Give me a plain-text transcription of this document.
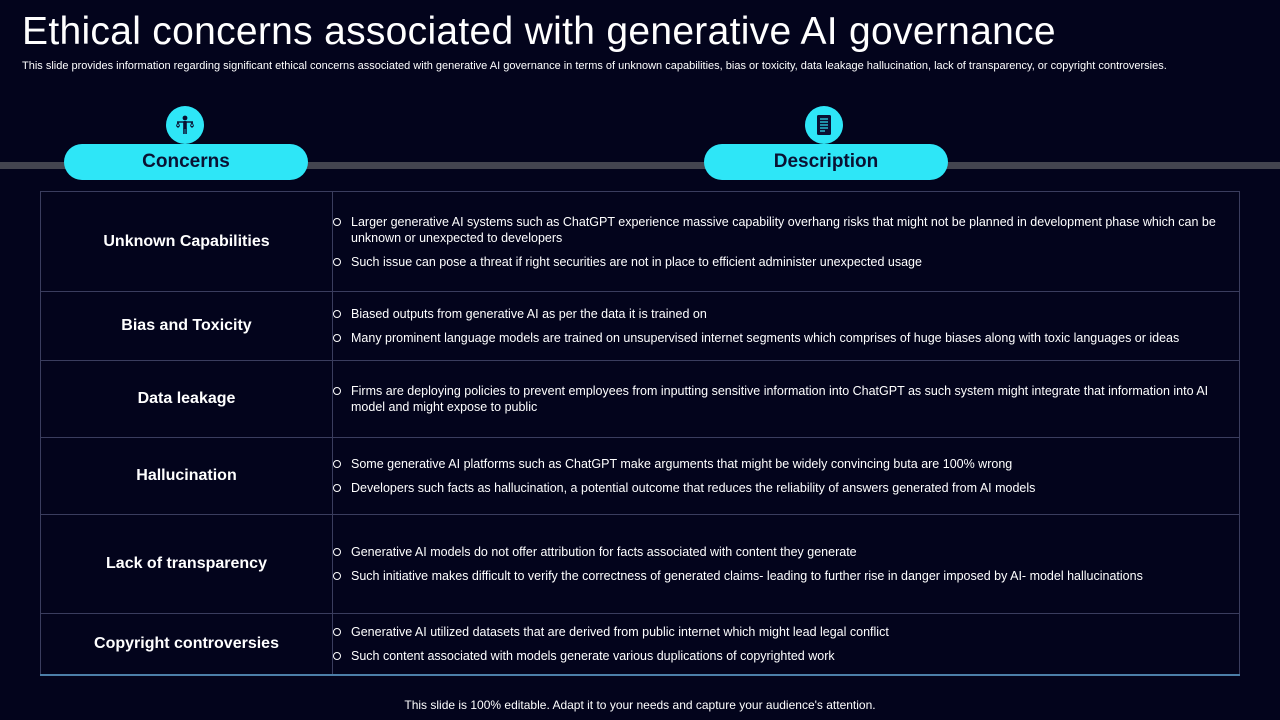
Ethical concerns associated with generative AI governance
This slide provides information regarding significant ethical concerns associated with generative AI governance in terms of unknown capabilities, bias or toxicity, data leakage hallucination, lack of transparency, or copyright controversies.
Concerns	Description
Unknown Capabilities	Larger generative AI systems such as ChatGPT experience massive capability overhang risks that might not be planned in development phase which can be unknown or unexpected to developers
Such issue can pose a threat if right securities are not in place to efficient administer unexpected usage

Bias and Toxicity	Biased outputs from generative AI as per the data it is trained on
Many prominent language models are trained on unsupervised internet segments which comprises of huge biases along with toxic languages or ideas

Data leakage	Firms are deploying policies to prevent employees from inputting sensitive information into ChatGPT as such system might integrate that information into AI model and might expose to public

Hallucination	Some generative AI platforms such as ChatGPT make arguments that might be widely convincing buta are 100% wrong
Developers such facts as hallucination, a potential outcome that reduces the reliability of answers generated from AI models

Lack of transparency	Generative AI models do not offer attribution for facts associated with content they generate
Such initiative makes difficult to verify the correctness of generated claims- leading to further rise in danger imposed by AI- model hallucinations

Copyright controversies	Generative AI utilized datasets that are derived from public internet which might lead legal conflict
Such content associated with models generate various duplications of copyrighted work
This slide is 100% editable. Adapt it to your needs and capture your audience's attention.
